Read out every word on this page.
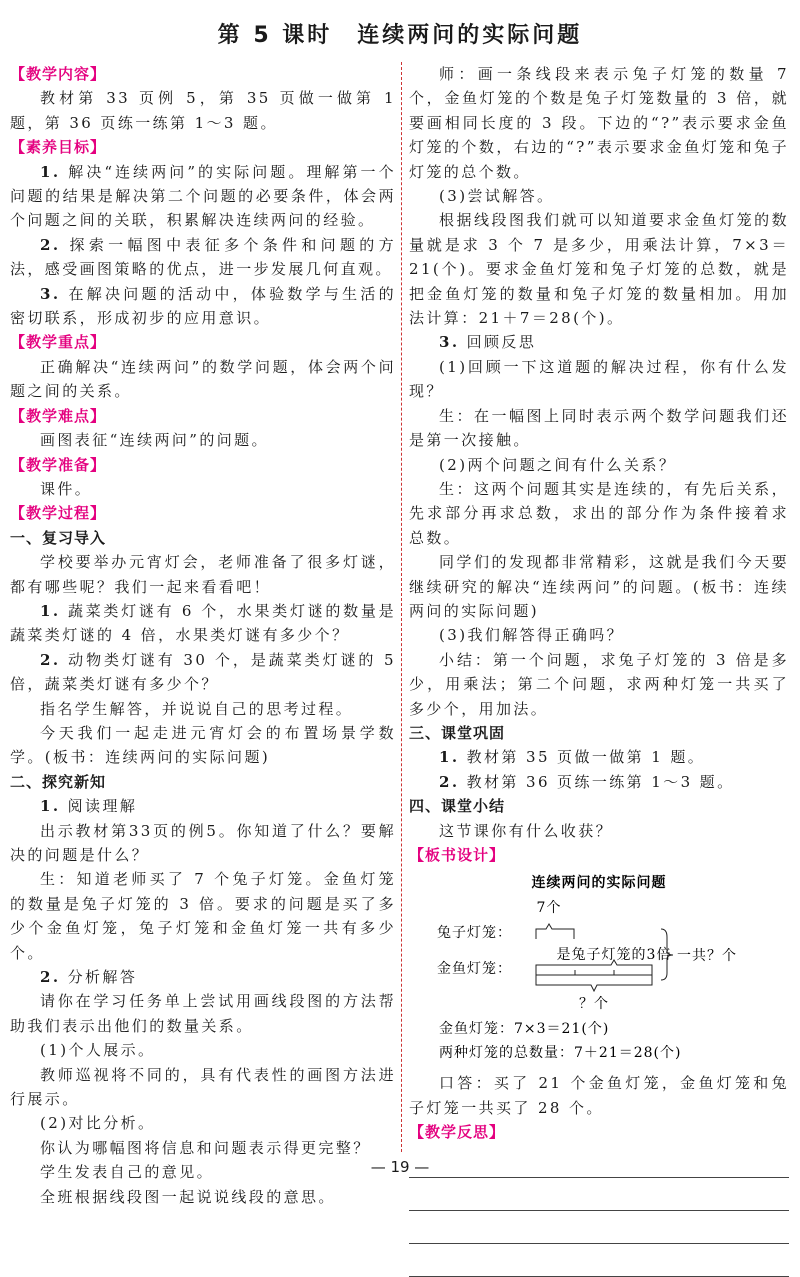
第 5 课时　连续两问的实际问题
【教学内容】

教材第 33 页例 5，第 35 页做一做第 1 题，第 36 页练一练第 1～3 题。

【素养目标】

1. 解决“连续两问”的实际问题。理解第一个问题的结果是解决第二个问题的必要条件，体会两个问题之间的关联，积累解决连续两问的经验。

2. 探索一幅图中表征多个条件和问题的方法，感受画图策略的优点，进一步发展几何直观。

3. 在解决问题的活动中，体验数学与生活的密切联系，形成初步的应用意识。

【教学重点】

正确解决“连续两问”的数学问题，体会两个问题之间的关系。

【教学难点】

画图表征“连续两问”的问题。

【教学准备】

课件。

【教学过程】
一、复习导入

学校要举办元宵灯会，老师准备了很多灯谜，都有哪些呢？我们一起来看看吧！

1. 蔬菜类灯谜有 6 个，水果类灯谜的数量是蔬菜类灯谜的 4 倍，水果类灯谜有多少个？

2. 动物类灯谜有 30 个，是蔬菜类灯谜的 5 倍，蔬菜类灯谜有多少个？

指名学生解答，并说说自己的思考过程。

今天我们一起走进元宵灯会的布置场景学数学。(板书：连续两问的实际问题)

二、探究新知

1. 阅读理解

出示教材第33页的例5。你知道了什么？要解决的问题是什么？

生：知道老师买了 7 个兔子灯笼。金鱼灯笼的数量是兔子灯笼的 3 倍。要求的问题是买了多少个金鱼灯笼，兔子灯笼和金鱼灯笼一共有多少个。

2. 分析解答

请你在学习任务单上尝试用画线段图的方法帮助我们表示出他们的数量关系。

(1)个人展示。

教师巡视将不同的，具有代表性的画图方法进行展示。

(2)对比分析。

你认为哪幅图将信息和问题表示得更完整？

学生发表自己的意见。

全班根据线段图一起说说线段的意思。

师：画一条线段来表示兔子灯笼的数量 7 个，金鱼灯笼的个数是兔子灯笼数量的 3 倍，就要画相同长度的 3 段。下边的“?”表示要求金鱼灯笼的个数，右边的“?”表示要求金鱼灯笼和兔子灯笼的总个数。

(3)尝试解答。

根据线段图我们就可以知道要求金鱼灯笼的数量就是求 3 个 7 是多少，用乘法计算，7×3＝21(个)。要求金鱼灯笼和兔子灯笼的总数，就是把金鱼灯笼的数量和兔子灯笼的数量相加。用加法计算：21＋7＝28(个)。

3. 回顾反思

(1)回顾一下这道题的解决过程，你有什么发现？

生：在一幅图上同时表示两个数学问题我们还是第一次接触。

(2)两个问题之间有什么关系？

生：这两个问题其实是连续的，有先后关系，先求部分再求总数，求出的部分作为条件接着求总数。

同学们的发现都非常精彩，这就是我们今天要继续研究的解决“连续两问”的问题。(板书：连续两问的实际问题)

(3)我们解答得正确吗？

小结：第一个问题，求兔子灯笼的 3 倍是多少，用乘法；第二个问题，求两种灯笼一共买了多少个，用加法。

三、课堂巩固

1. 教材第 35 页做一做第 1 题。

2. 教材第 36 页练一练第 1～3 题。

四、课堂小结

这节课你有什么收获？

【板书设计】
连续两问的实际问题
7个
兔子灯笼：
是兔子灯笼的3倍
金鱼灯笼：
一共？个
？个
金鱼灯笼：7×3＝21(个)
两种灯笼的总数量：7＋21＝28(个)

口答：买了 21 个金鱼灯笼，金鱼灯笼和兔子灯笼一共买了 28 个。

【教学反思】
— 19 —
